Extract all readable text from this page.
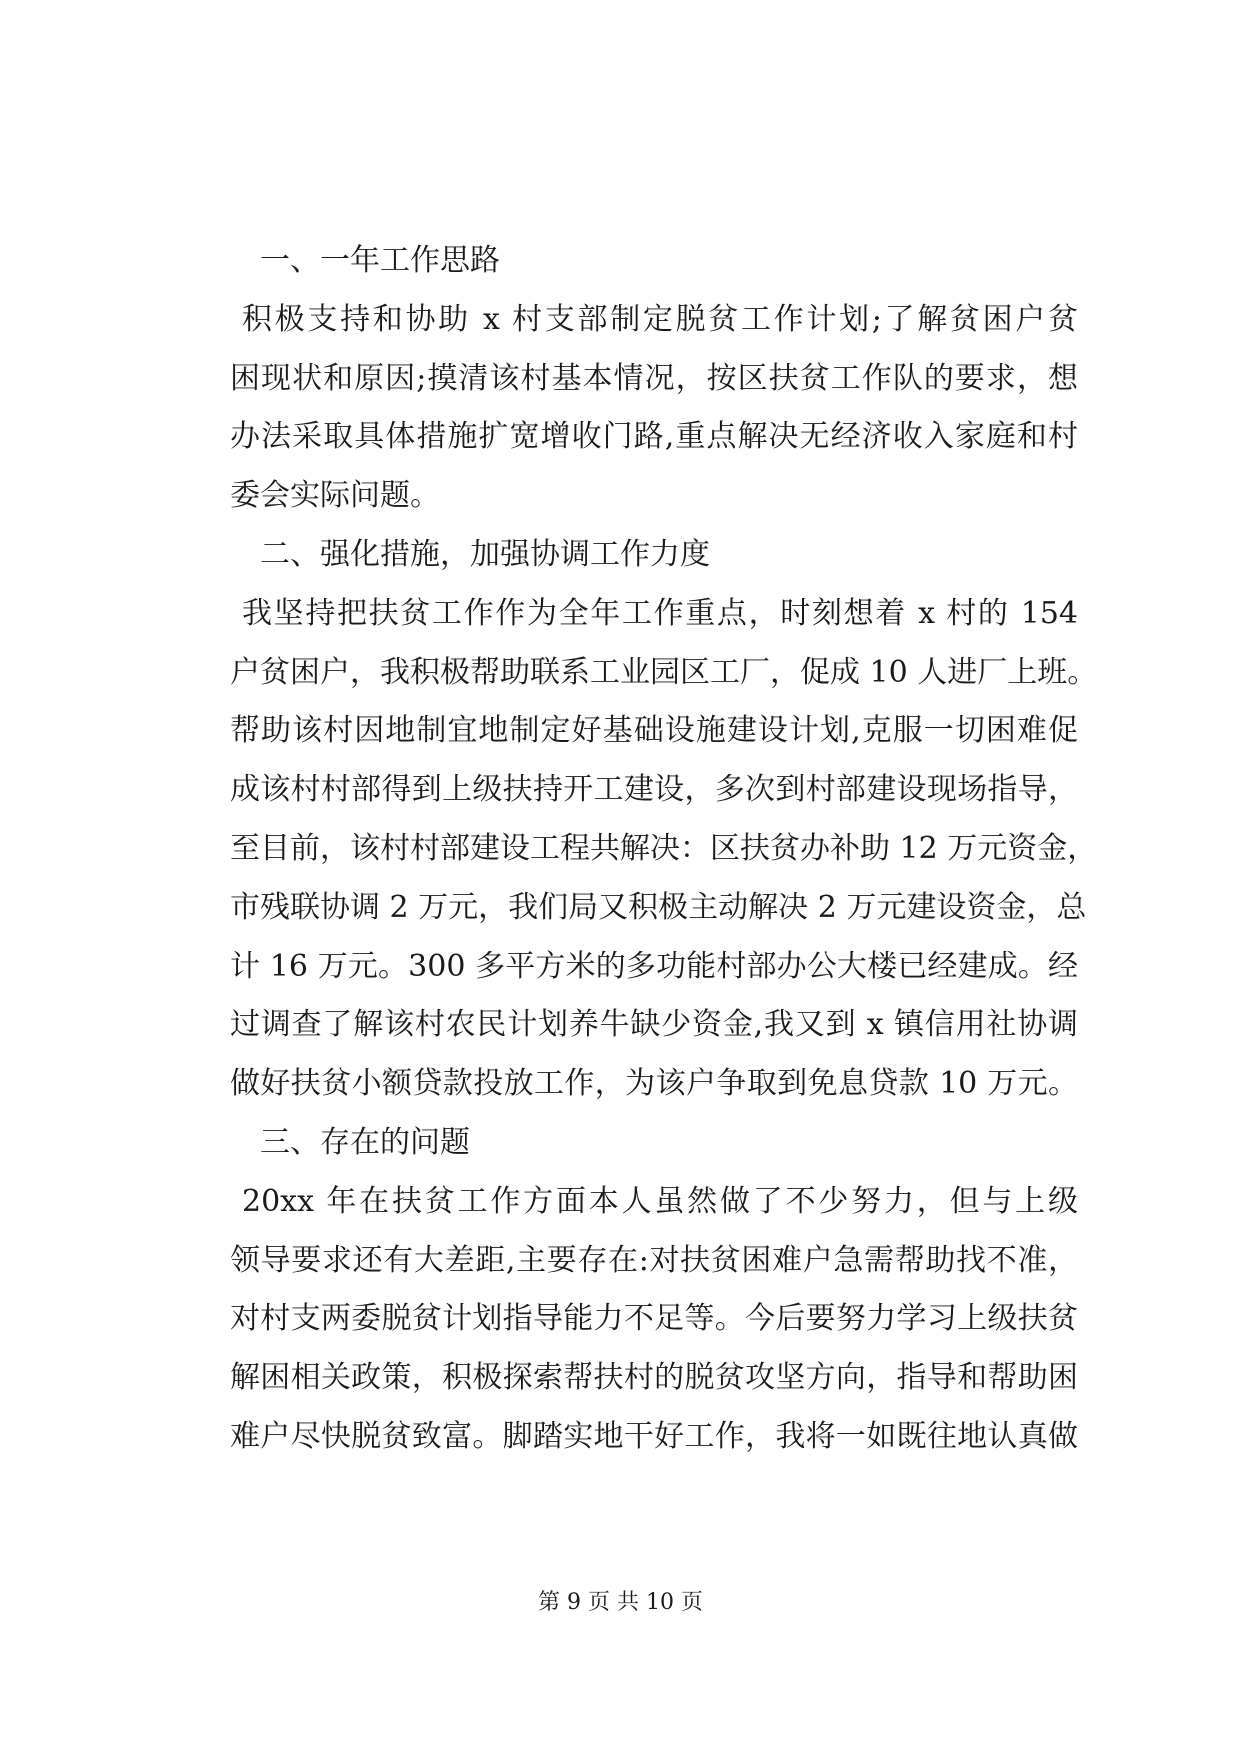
　一、一年工作思路
积极支持和协助 x 村支部制定脱贫工作计划;了解贫困户贫
困现状和原因;摸清该村基本情况，按区扶贫工作队的要求，想
办法采取具体措施扩宽增收门路,重点解决无经济收入家庭和村
委会实际问题。
　二、强化措施，加强协调工作力度
我坚持把扶贫工作作为全年工作重点，时刻想着 x 村的 154
户贫困户，我积极帮助联系工业园区工厂，促成 10 人进厂上班。
帮助该村因地制宜地制定好基础设施建设计划,克服一切困难促
成该村村部得到上级扶持开工建设，多次到村部建设现场指导，
至目前，该村村部建设工程共解决：区扶贫办补助 12 万元资金，
市残联协调 2 万元，我们局又积极主动解决 2 万元建设资金，总
计 16 万元。300 多平方米的多功能村部办公大楼已经建成。经
过调查了解该村农民计划养牛缺少资金,我又到 x 镇信用社协调
做好扶贫小额贷款投放工作，为该户争取到免息贷款 10 万元。
　三、存在的问题
20xx 年在扶贫工作方面本人虽然做了不少努力，但与上级
领导要求还有大差距,主要存在:对扶贫困难户急需帮助找不准，
对村支两委脱贫计划指导能力不足等。今后要努力学习上级扶贫
解困相关政策，积极探索帮扶村的脱贫攻坚方向，指导和帮助困
难户尽快脱贫致富。脚踏实地干好工作，我将一如既往地认真做
第 9 页 共 10 页
